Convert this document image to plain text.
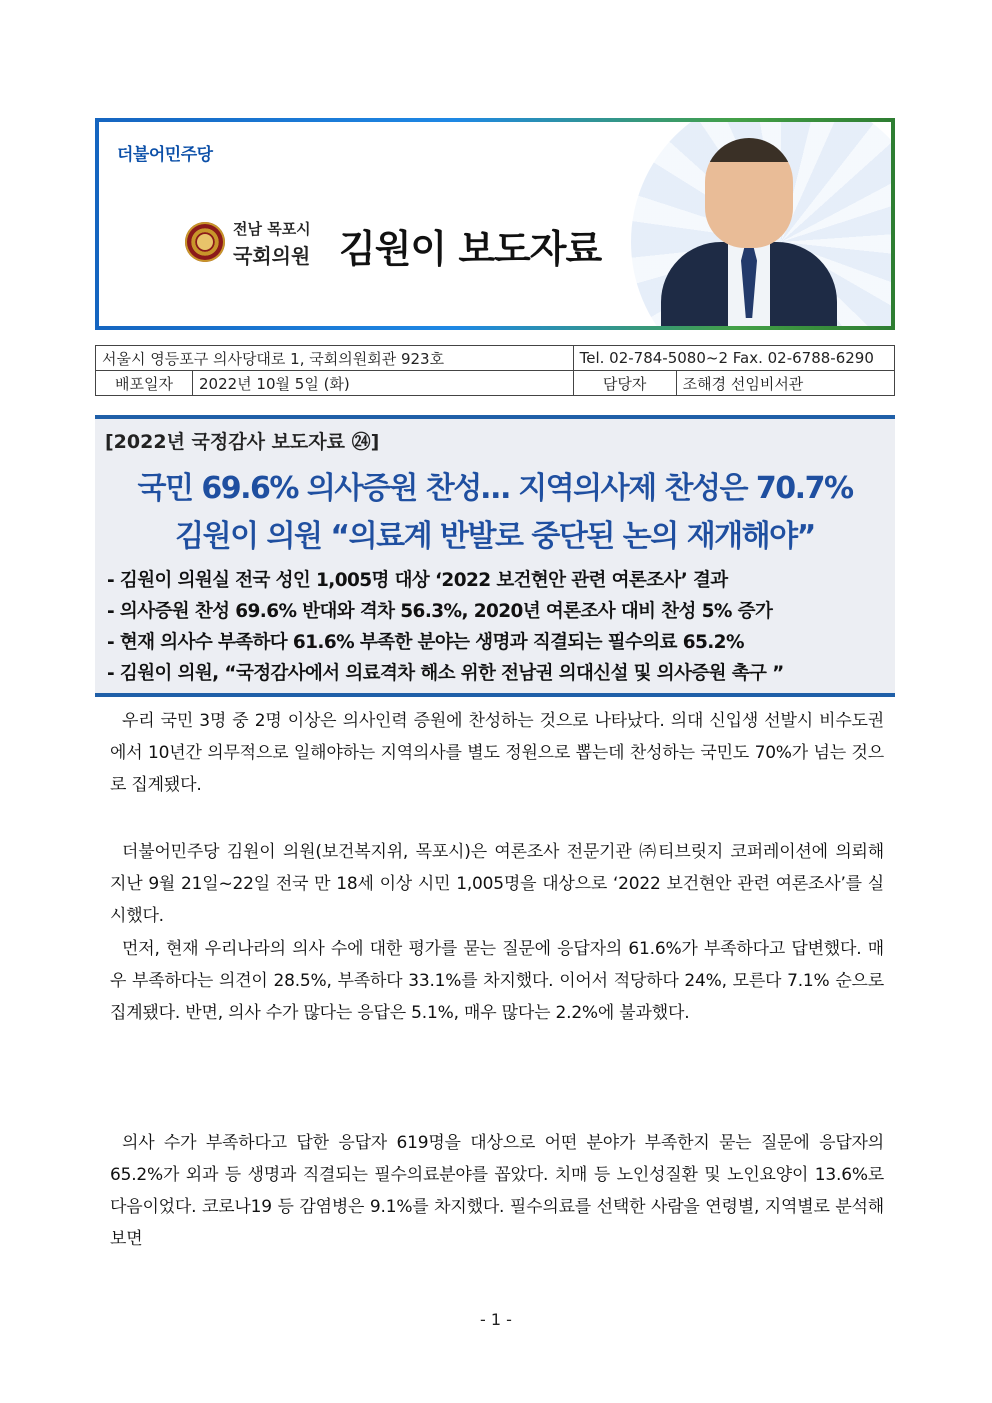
더불어민주당
전남 목포시
국회의원 김원이 보도자료
서울시 영등포구 의사당대로 1, 국회의원회관 923호		Tel. 02-784-5080~2 Fax. 02-6788-6290	
배포일자	2022년 10월 5일 (화)	담당자	조해경 선임비서관
[2022년 국정감사 보도자료 ㉔]
국민 69.6% 의사증원 찬성… 지역의사제 찬성은 70.7%
김원이 의원 “의료계 반발로 중단된 논의 재개해야”
- 김원이 의원실 전국 성인 1,005명 대상 ‘2022 보건현안 관련 여론조사’ 결과
- 의사증원 찬성 69.6% 반대와 격차 56.3%, 2020년 여론조사 대비 찬성 5% 증가
- 현재 의사수 부족하다 61.6% 부족한 분야는 생명과 직결되는 필수의료 65.2%
- 김원이 의원, “국정감사에서 의료격차 해소 위한 전남권 의대신설 및 의사증원 촉구 ”

우리 국민 3명 중 2명 이상은 의사인력 증원에 찬성하는 것으로 나타났다. 의대 신입생 선발시 비수도권에서 10년간 의무적으로 일해야하는 지역의사를 별도 정원으로 뽑는데 찬성하는 국민도 70%가 넘는 것으로 집계됐다.

더불어민주당 김원이 의원(보건복지위, 목포시)은 여론조사 전문기관 ㈜티브릿지 코퍼레이션에 의뢰해 지난 9월 21일~22일 전국 만 18세 이상 시민 1,005명을 대상으로 ‘2022 보건현안 관련 여론조사’를 실시했다.

먼저, 현재 우리나라의 의사 수에 대한 평가를 묻는 질문에 응답자의 61.6%가 부족하다고 답변했다. 매우 부족하다는 의견이 28.5%, 부족하다 33.1%를 차지했다. 이어서 적당하다 24%, 모른다 7.1% 순으로 집계됐다. 반면, 의사 수가 많다는 응답은 5.1%, 매우 많다는 2.2%에 불과했다.

의사 수가 부족하다고 답한 응답자 619명을 대상으로 어떤 분야가 부족한지 묻는 질문에 응답자의 65.2%가 외과 등 생명과 직결되는 필수의료분야를 꼽았다. 치매 등 노인성질환 및 노인요양이 13.6%로 다음이었다. 코로나19 등 감염병은 9.1%를 차지했다. 필수의료를 선택한 사람을 연령별, 지역별로 분석해보면

- 1 -
